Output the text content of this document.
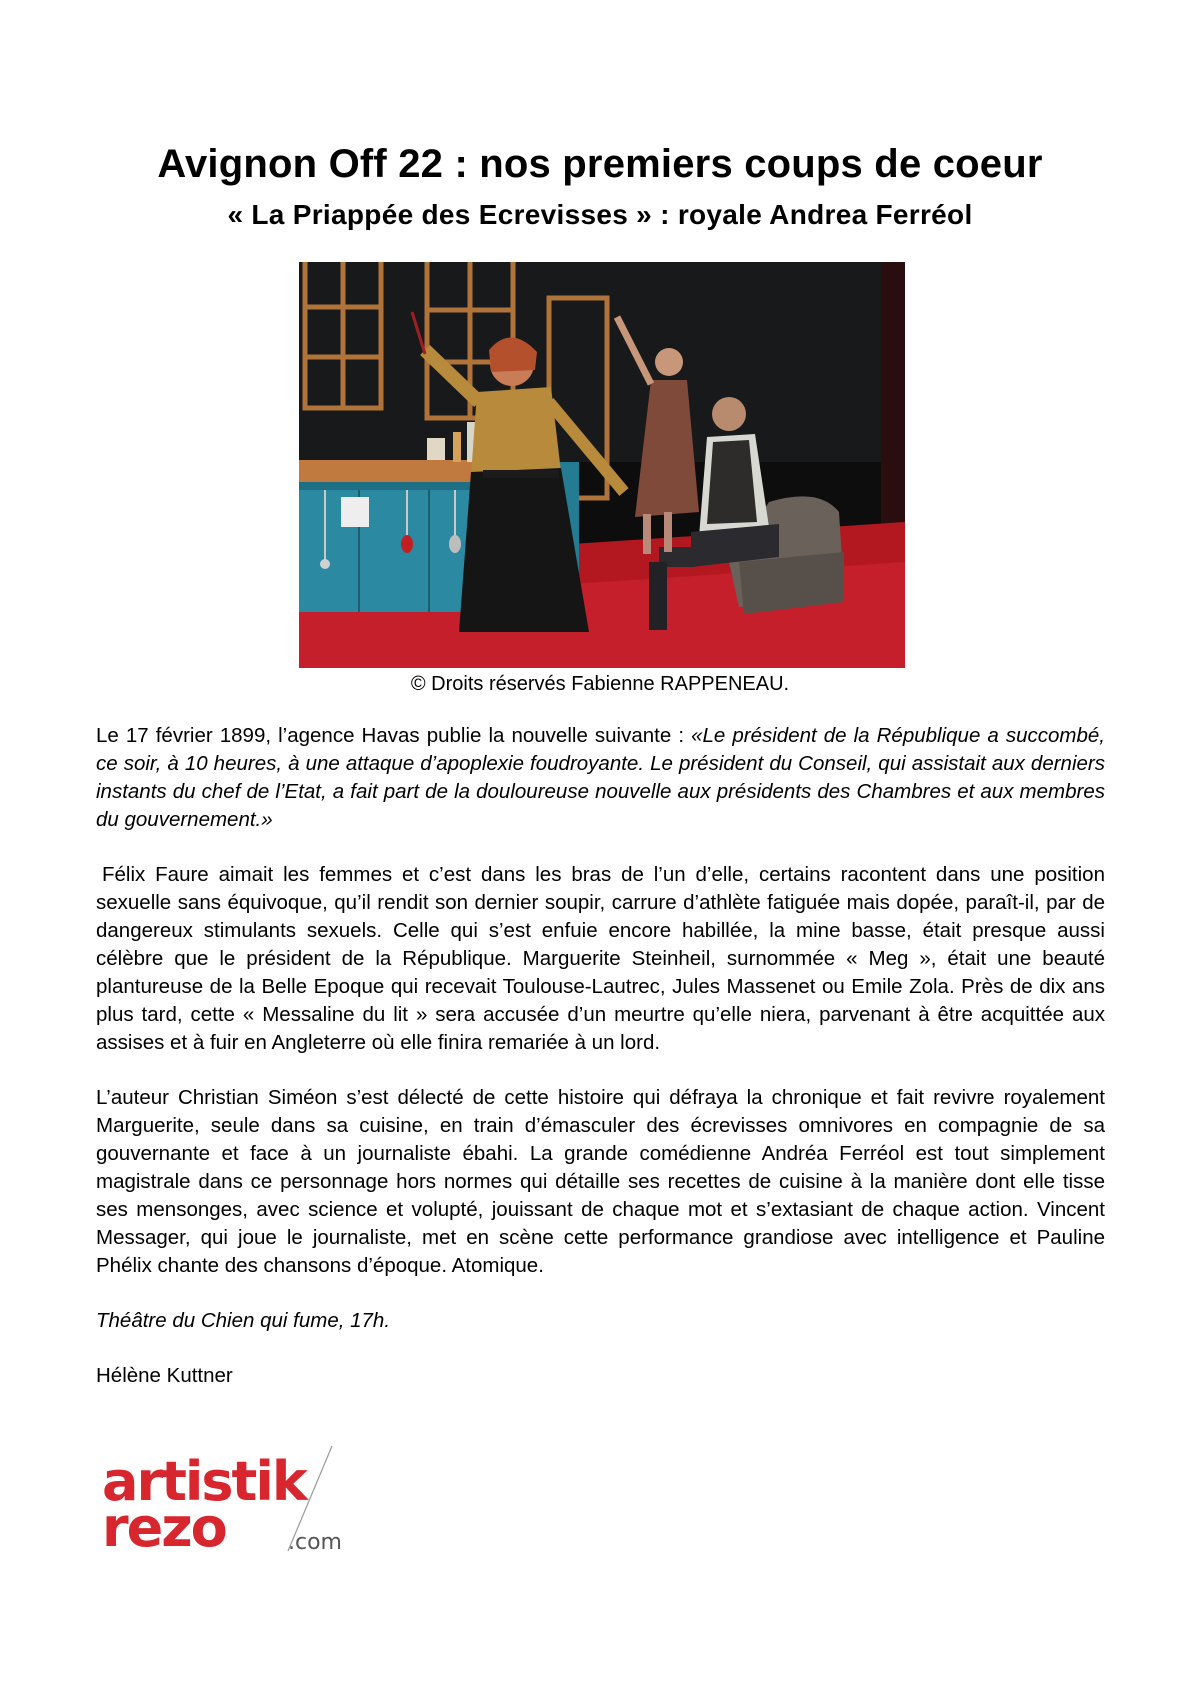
Avignon Off 22 : nos premiers coups de coeur
« La Priappée des Ecrevisses » : royale Andrea Ferréol
© Droits réservés Fabienne RAPPENEAU.

Le 17 février 1899, l’agence Havas publie la nouvelle suivante : «Le président de la République a succombé, ce soir, à 10 heures, à une attaque d’apoplexie foudroyante. Le président du Conseil, qui assistait aux derniers instants du chef de l’Etat, a fait part de la douloureuse nouvelle aux présidents des Chambres et aux membres du gouvernement.»

Félix Faure aimait les femmes et c’est dans les bras de l’un d’elle, certains racontent dans une position sexuelle sans équivoque, qu’il rendit son dernier soupir, carrure d’athlète fatiguée mais dopée, paraît-il, par de dangereux stimulants sexuels. Celle qui s’est enfuie encore habillée, la mine basse, était presque aussi célèbre que le président de la République. Marguerite Steinheil, surnommée « Meg », était une beauté plantureuse de la Belle Epoque qui recevait Toulouse-Lautrec, Jules Massenet ou Emile Zola. Près de dix ans plus tard, cette « Messaline du lit » sera accusée d’un meurtre qu’elle niera, parvenant à être acquittée aux assises et à fuir en Angleterre où elle finira remariée à un lord.

L’auteur Christian Siméon s’est délecté de cette histoire qui défraya la chronique et fait revivre royalement Marguerite, seule dans sa cuisine, en train d’émasculer des écrevisses omnivores en compagnie de sa gouvernante et face à un journaliste ébahi. La grande comédienne Andréa Ferréol est tout simplement magistrale dans ce personnage hors normes qui détaille ses recettes de cuisine à la manière dont elle tisse ses mensonges, avec science et volupté, jouissant de chaque mot et s’extasiant de chaque action. Vincent Messager, qui joue le journaliste, met en scène cette performance grandiose avec intelligence et Pauline Phélix chante des chansons d’époque. Atomique.

Théâtre du Chien qui fume, 17h.

Hélène Kuttner

artistik
rezo	.com
